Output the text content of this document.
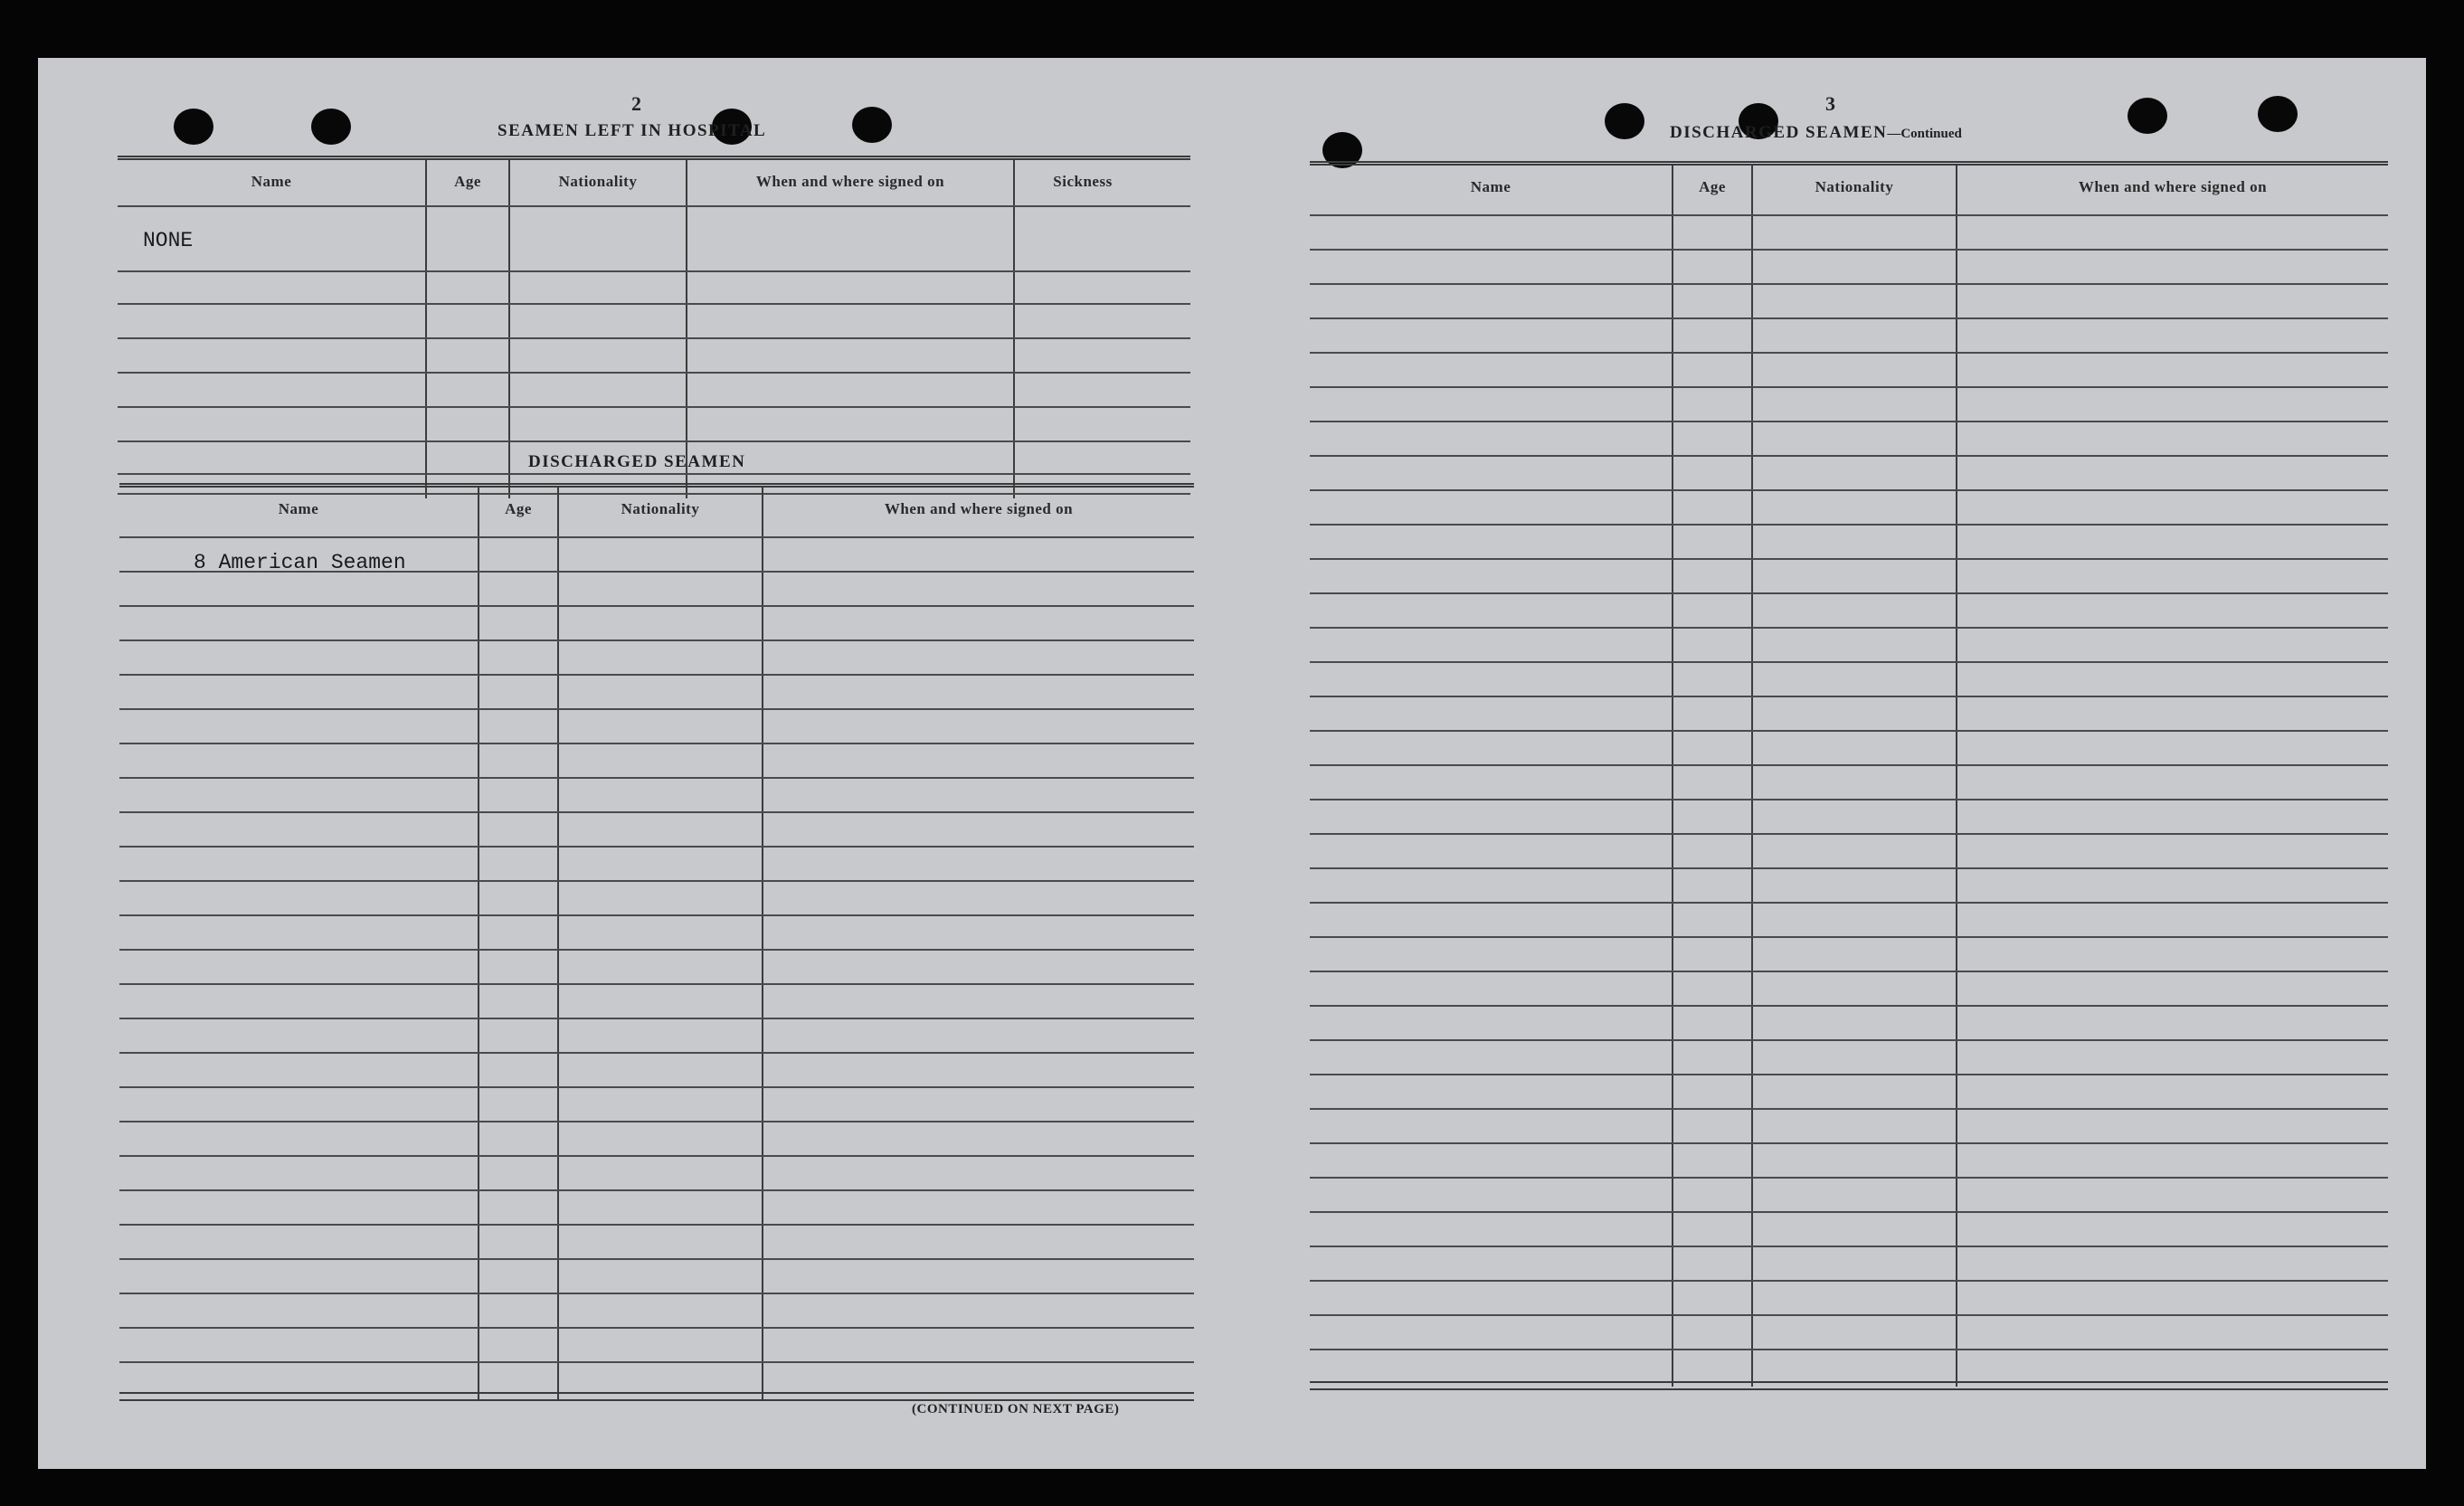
2
SEAMEN LEFT IN HOSPITAL
Name	Age	Nationality	When and where signed on	Sickness
NONE
DISCHARGED SEAMEN
Name	Age	Nationality	When and where signed on
8 American Seamen
(CONTINUED ON NEXT PAGE)
3
DISCHARGED SEAMEN—Continued
Name	Age	Nationality	When and where signed on
